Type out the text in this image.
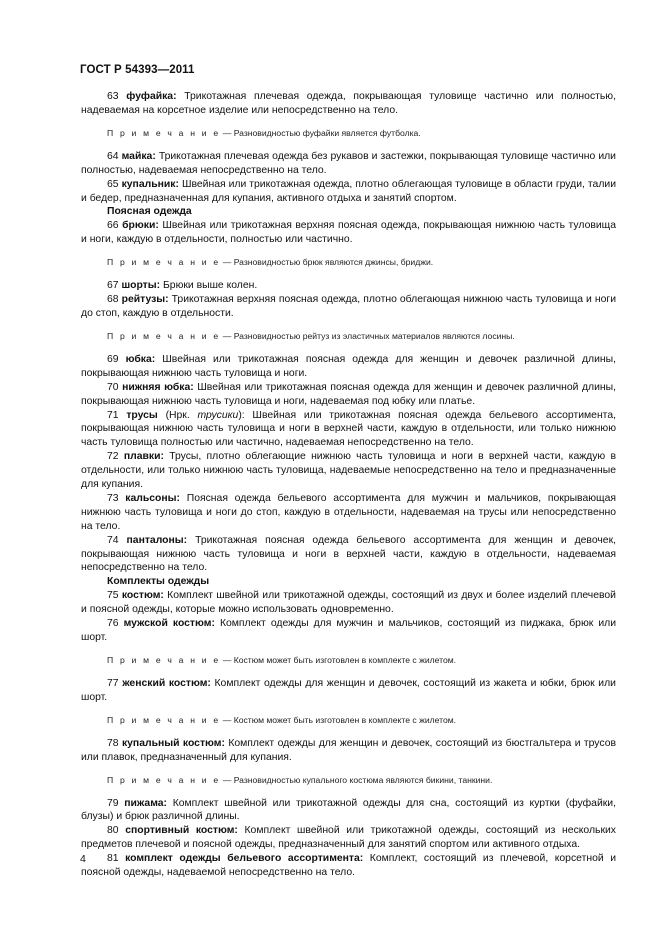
ГОСТ Р 54393—2011

63 фуфайка: Трикотажная плечевая одежда, покрывающая туловище частично или полностью, надеваемая на корсетное изделие или непосредственно на тело.

П р и м е ч а н и е — Разновидностью фуфайки является футболка.

64 майка: Трикотажная плечевая одежда без рукавов и застежки, покрывающая туловище частично или полностью, надеваемая непосредственно на тело.

65 купальник: Швейная или трикотажная одежда, плотно облегающая туловище в области груди, талии и бедер, предназначенная для купания, активного отдыха и занятий спортом.

Поясная одежда

66 брюки: Швейная или трикотажная верхняя поясная одежда, покрывающая нижнюю часть туловища и ноги, каждую в отдельности, полностью или частично.

П р и м е ч а н и е — Разновидностью брюк являются джинсы, бриджи.

67 шорты: Брюки выше колен.

68 рейтузы: Трикотажная верхняя поясная одежда, плотно облегающая нижнюю часть туловища и ноги до стоп, каждую в отдельности.

П р и м е ч а н и е — Разновидностью рейтуз из эластичных материалов являются лосины.

69 юбка: Швейная или трикотажная поясная одежда для женщин и девочек различной длины, покрывающая нижнюю часть туловища и ноги.

70 нижняя юбка: Швейная или трикотажная поясная одежда для женщин и девочек различной длины, покрывающая нижнюю часть туловища и ноги, надеваемая под юбку или платье.

71 трусы (Нрк. трусики): Швейная или трикотажная поясная одежда бельевого ассортимента, покрывающая нижнюю часть туловища и ноги в верхней части, каждую в отдельности, или только нижнюю часть туловища полностью или частично, надеваемая непосредственно на тело.

72 плавки: Трусы, плотно облегающие нижнюю часть туловища и ноги в верхней части, каждую в отдельности, или только нижнюю часть туловища, надеваемые непосредственно на тело и предназначенные для купания.

73 кальсоны: Поясная одежда бельевого ассортимента для мужчин и мальчиков, покрывающая нижнюю часть туловища и ноги до стоп, каждую в отдельности, надеваемая на трусы или непосредственно на тело.

74 панталоны: Трикотажная поясная одежда бельевого ассортимента для женщин и девочек, покрывающая нижнюю часть туловища и ноги в верхней части, каждую в отдельности, надеваемая непосредственно на тело.

Комплекты одежды

75 костюм: Комплект швейной или трикотажной одежды, состоящий из двух и более изделий плечевой и поясной одежды, которые можно использовать одновременно.

76 мужской костюм: Комплект одежды для мужчин и мальчиков, состоящий из пиджака, брюк или шорт.

П р и м е ч а н и е — Костюм может быть изготовлен в комплекте с жилетом.

77 женский костюм: Комплект одежды для женщин и девочек, состоящий из жакета и юбки, брюк или шорт.

П р и м е ч а н и е — Костюм может быть изготовлен в комплекте с жилетом.

78 купальный костюм: Комплект одежды для женщин и девочек, состоящий из бюстгальтера и трусов или плавок, предназначенный для купания.

П р и м е ч а н и е — Разновидностью купального костюма являются бикини, танкини.

79 пижама: Комплект швейной или трикотажной одежды для сна, состоящий из куртки (фуфайки, блузы) и брюк различной длины.

80 спортивный костюм: Комплект швейной или трикотажной одежды, состоящий из нескольких предметов плечевой и поясной одежды, предназначенный для занятий спортом или активного отдыха.

81 комплект одежды бельевого ассортимента: Комплект, состоящий из плечевой, корсетной и поясной одежды, надеваемой непосредственно на тело.

4
